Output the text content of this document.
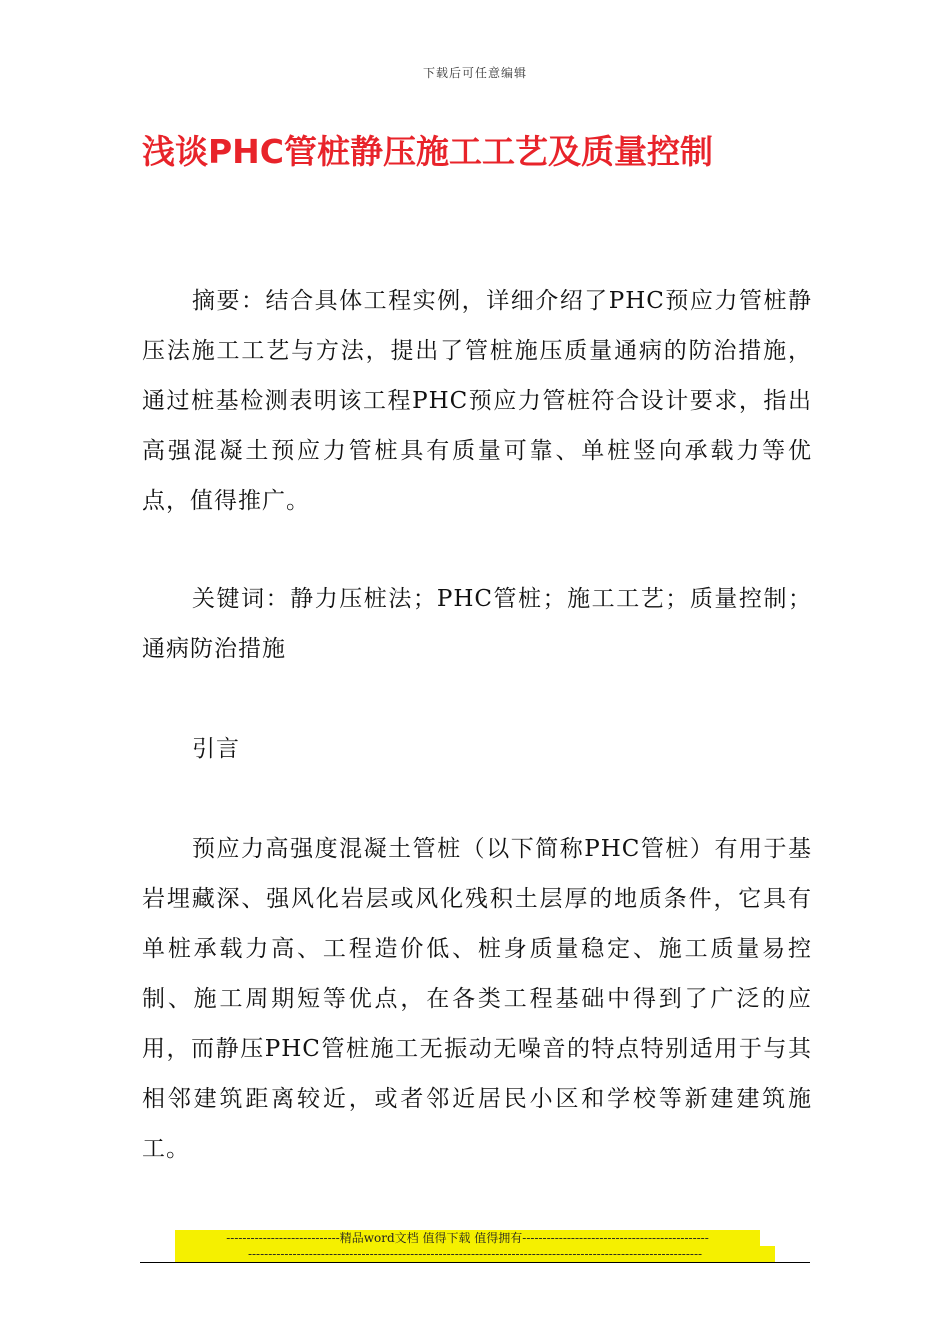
下载后可任意编辑
浅谈PHC管桩静压施工工艺及质量控制

摘要：结合具体工程实例，详细介绍了PHC预应力管桩静压法施工工艺与方法，提出了管桩施压质量通病的防治措施，通过桩基检测表明该工程PHC预应力管桩符合设计要求，指出高强混凝土预应力管桩具有质量可靠、单桩竖向承载力等优点，值得推广。

关键词：静力压桩法；PHC管桩；施工工艺；质量控制；通病防治措施

引言

预应力高强度混凝土管桩（以下简称PHC管桩）有用于基岩埋藏深、强风化岩层或风化残积土层厚的地质条件，它具有单桩承载力高、工程造价低、桩身质量稳定、施工质量易控制、施工周期短等优点，在各类工程基础中得到了广泛的应用，而静压PHC管桩施工无振动无噪音的特点特别适用于与其相邻建筑距离较近，或者邻近居民小区和学校等新建建筑施工。

----------------------------精品word文档 值得下载 值得拥有----------------------------------------------
----------------------------------------------------------------------------------------------------------------
